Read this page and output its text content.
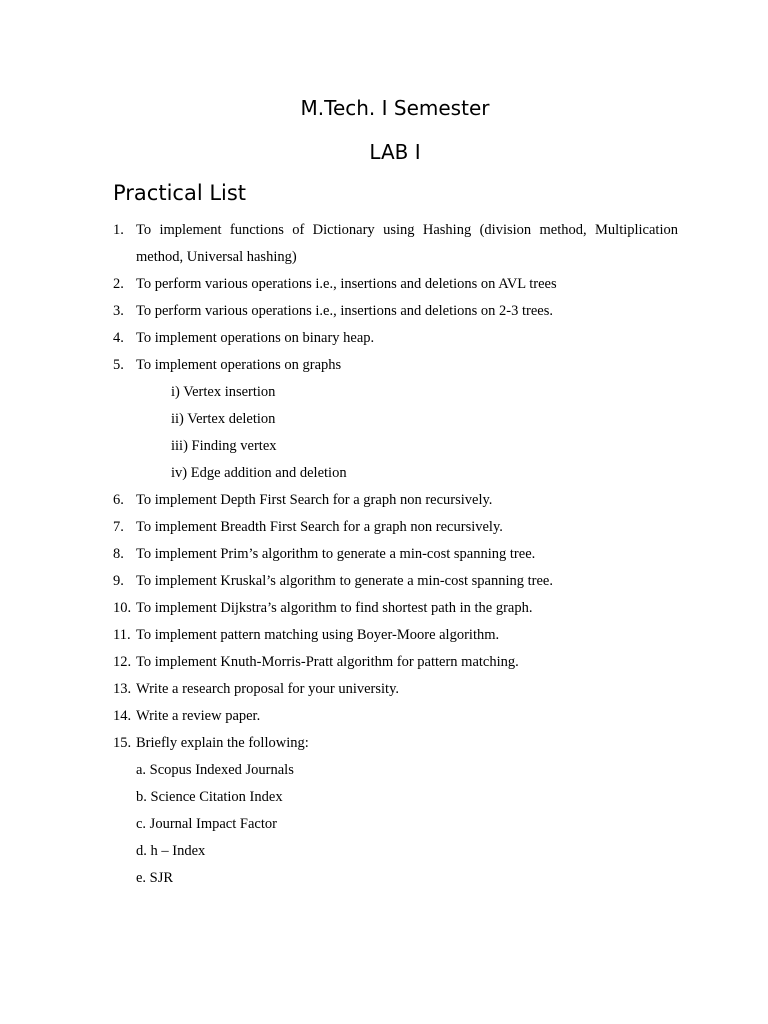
M.Tech. I Semester
LAB I
Practical List
1. To implement functions of Dictionary using Hashing (division method, Multiplication method, Universal hashing)
2. To perform various operations i.e., insertions and deletions on AVL trees
3. To perform various operations i.e., insertions and deletions on 2-3 trees.
4. To implement operations on binary heap.
5. To implement operations on graphs
i) Vertex insertion
ii) Vertex deletion
iii) Finding vertex
iv) Edge addition and deletion
6. To implement Depth First Search for a graph non recursively.
7. To implement Breadth First Search for a graph non recursively.
8. To implement Prim’s algorithm to generate a min-cost spanning tree.
9. To implement Kruskal’s algorithm to generate a min-cost spanning tree.
10. To implement Dijkstra’s algorithm to find shortest path in the graph.
11. To implement pattern matching using Boyer-Moore algorithm.
12. To implement Knuth-Morris-Pratt algorithm for pattern matching.
13. Write a research proposal for your university.
14. Write a review paper.
15. Briefly explain the following:
a. Scopus Indexed Journals
b. Science Citation Index
c. Journal Impact Factor
d. h – Index
e. SJR
